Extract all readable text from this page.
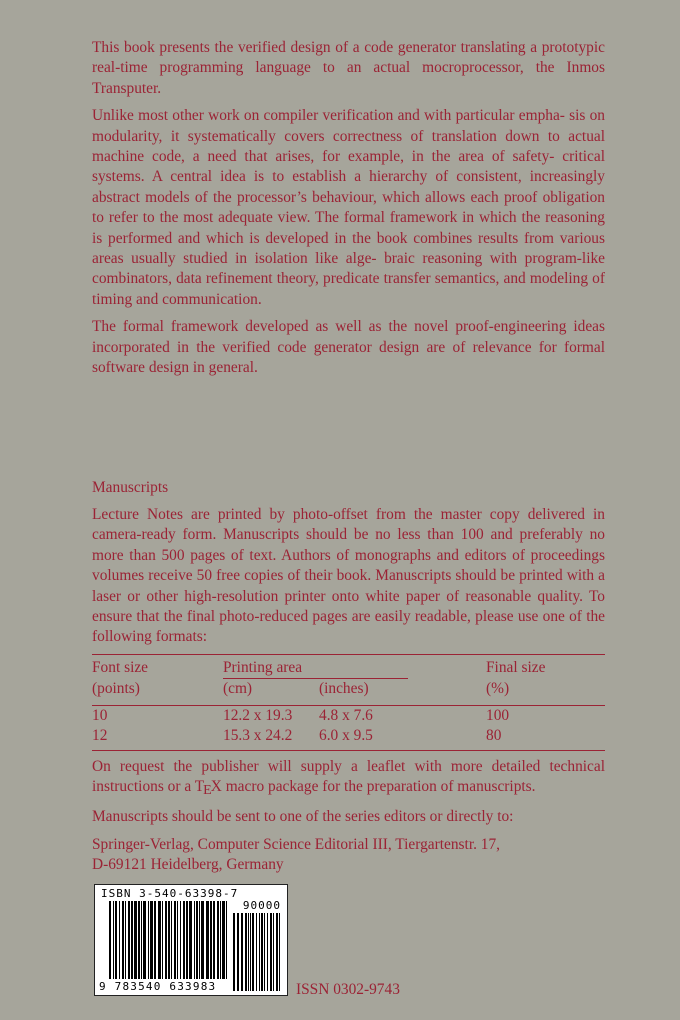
This book presents the verified design of a code generator translating a prototypic real-time programming language to an actual mocroprocessor, the Inmos Transputer.

Unlike most other work on compiler verification and with particular empha- sis on modularity, it systematically covers correctness of translation down to actual machine code, a need that arises, for example, in the area of safety- critical systems. A central idea is to establish a hierarchy of consistent, increasingly abstract models of the processor’s behaviour, which allows each proof obligation to refer to the most adequate view. The formal framework in which the reasoning is performed and which is developed in the book combines results from various areas usually studied in isolation like alge- braic reasoning with program-like combinators, data refinement theory, predicate transfer semantics, and modeling of timing and communication.

The formal framework developed as well as the novel proof-engineering ideas incorporated in the verified code generator design are of relevance for formal software design in general.

Manuscripts

Lecture Notes are printed by photo-offset from the master copy delivered in camera-ready form. Manuscripts should be no less than 100 and preferably no more than 500 pages of text. Authors of monographs and editors of proceedings volumes receive 50 free copies of their book. Manuscripts should be printed with a laser or other high-resolution printer onto white paper of reasonable quality. To ensure that the final photo-reduced pages are easily readable, please use one of the following formats:

Font size	Printing area		Final size

(points)	(cm)	(inches)	(%)

10	12.2 x 19.3	4.8 x 7.6	100
12	15.3 x 24.2	6.0 x 9.5	80

On request the publisher will supply a leaflet with more detailed technical instructions or a TEX macro package for the preparation of manuscripts.

Manuscripts should be sent to one of the series editors or directly to:

Springer-Verlag, Computer Science Editorial III, Tiergartenstr. 17,
D-69121 Heidelberg, Germany
ISBN 3-540-63398-7
90000
9 783540 633983	ISSN 0302-9743
